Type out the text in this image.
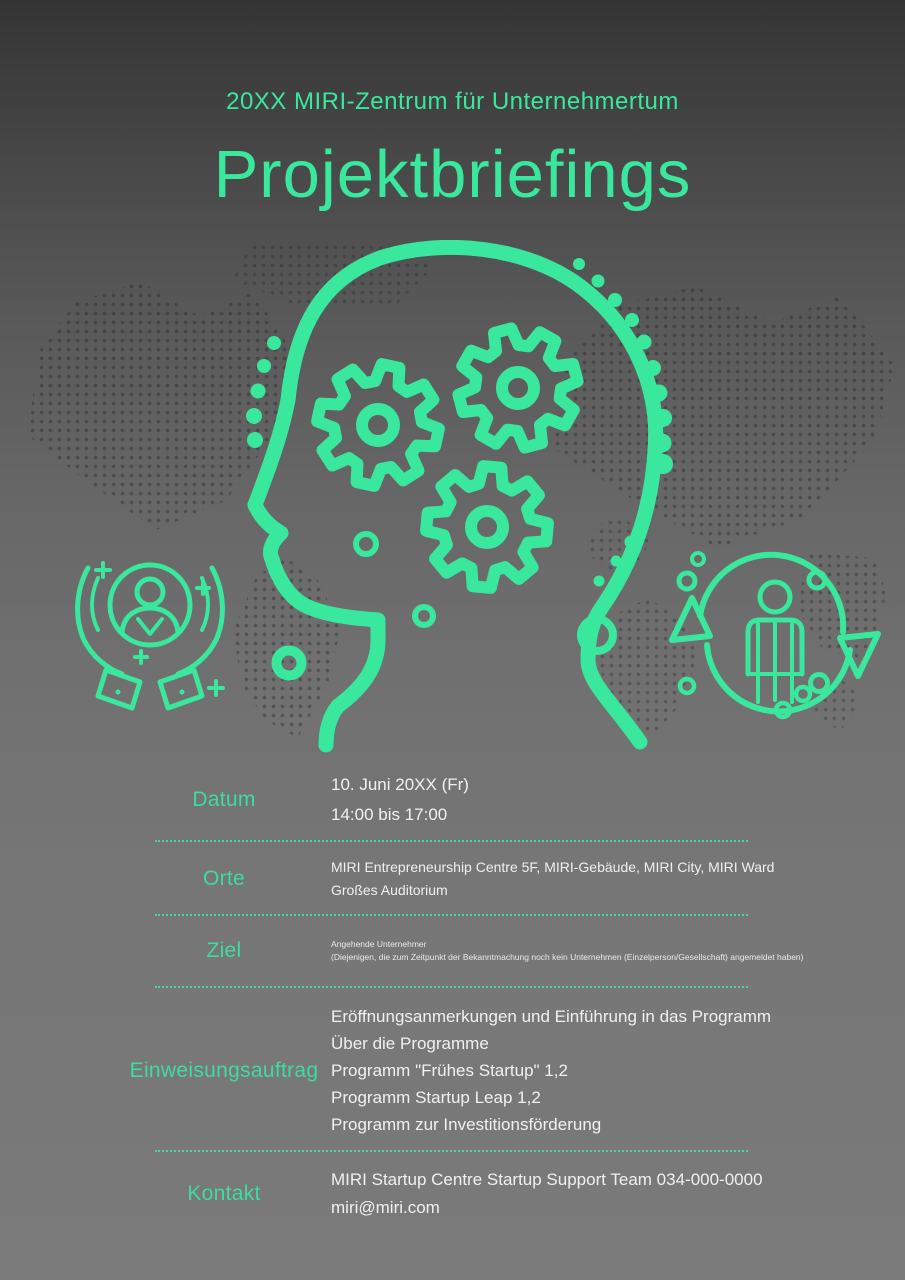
20XX MIRI-Zentrum für Unternehmertum
Projektbriefings
Datum
10. Juni 20XX (Fr)
14:00 bis 17:00
Orte	MIRI Entrepreneurship Centre 5F, MIRI-Gebäude, MIRI City, MIRI Ward
Großes Auditorium
Ziel	Angehende Unternehmer
(Diejenigen, die zum Zeitpunkt der Bekanntmachung noch kein Unternehmen (Einzelperson/Gesellschaft) angemeldet haben)
Einweisungsauftrag
Eröffnungsanmerkungen und Einführung in das Programm
Über die Programme
Programm "Frühes Startup" 1,2
Programm Startup Leap 1,2
Programm zur Investitionsförderung
Kontakt
MIRI Startup Centre Startup Support Team 034-000-0000
miri@miri.com
